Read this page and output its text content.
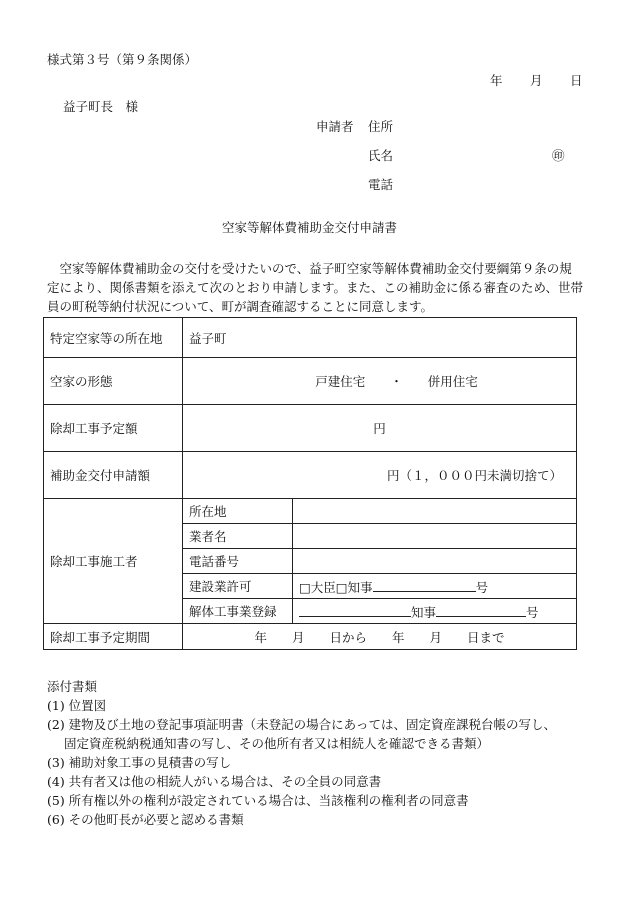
様式第３号（第９条関係）
年 月 日
益子町長　様
申請者 住所
氏名	㊞
電話
空家等解体費補助金交付申請書
　空家等解体費補助金の交付を受けたいので、益子町空家等解体費補助金交付要綱第９条の規定により、関係書類を添えて次のとおり申請します。また、この補助金に係る審査のため、世帯員の町税等納付状況について、町が調査確認することに同意します。
特定空家等の所在地	益子町	
空家の形態	戸建住宅　　・　　併用住宅	
除却工事予定額	円	
補助金交付申請額	円（１，０００円未満切捨て）	
除却工事施工者	所在地	
	業者名	
	電話番号	
	建設業許可	□大臣□知事 号
	解体工事業登録	知事 号
除却工事予定期間	年　　月　　日から　　年　　月　　日まで	
添付書類
(1) 位置図
(2) 建物及び土地の登記事項証明書（未登記の場合にあっては、固定資産課税台帳の写し、
固定資産税納税通知書の写し、その他所有者又は相続人を確認できる書類）
(3) 補助対象工事の見積書の写し
(4) 共有者又は他の相続人がいる場合は、その全員の同意書
(5) 所有権以外の権利が設定されている場合は、当該権利の権利者の同意書
(6) その他町長が必要と認める書類
